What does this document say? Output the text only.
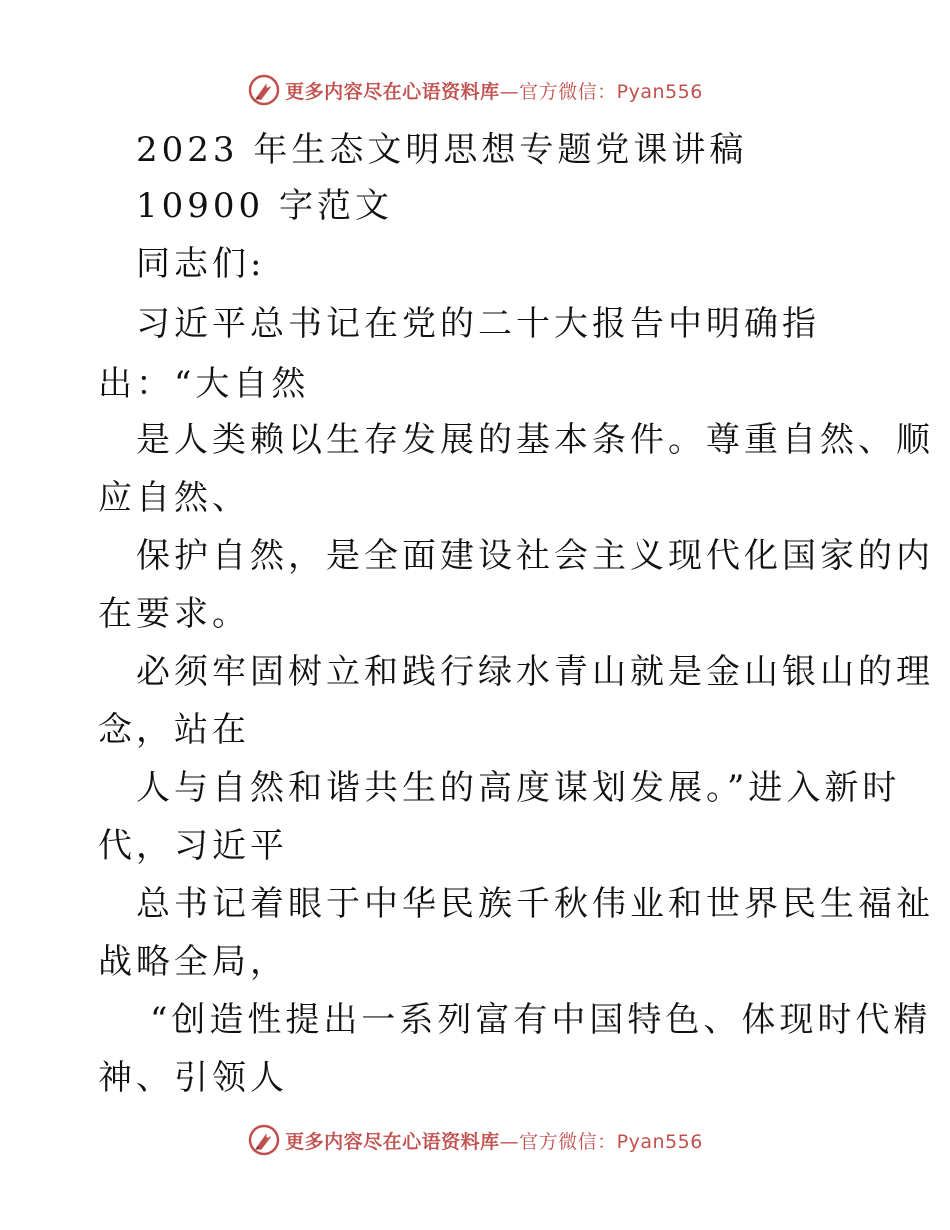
更多内容尽在心语资料库—官方微信：Pyan556
2023 年生态文明思想专题党课讲稿
10900 字范文
同志们:
习近平总书记在党的二十大报告中明确指
出：“大自然
是人类赖以生存发展的基本条件。尊重自然、顺
应自然、
保护自然，是全面建设社会主义现代化国家的内
在要求。
必须牢固树立和践行绿水青山就是金山银山的理
念，站在
人与自然和谐共生的高度谋划发展。”进入新时
代，习近平
总书记着眼于中华民族千秋伟业和世界民生福祉
战略全局，
“创造性提出一系列富有中国特色、体现时代精
神、引领人
更多内容尽在心语资料库—官方微信：Pyan556
